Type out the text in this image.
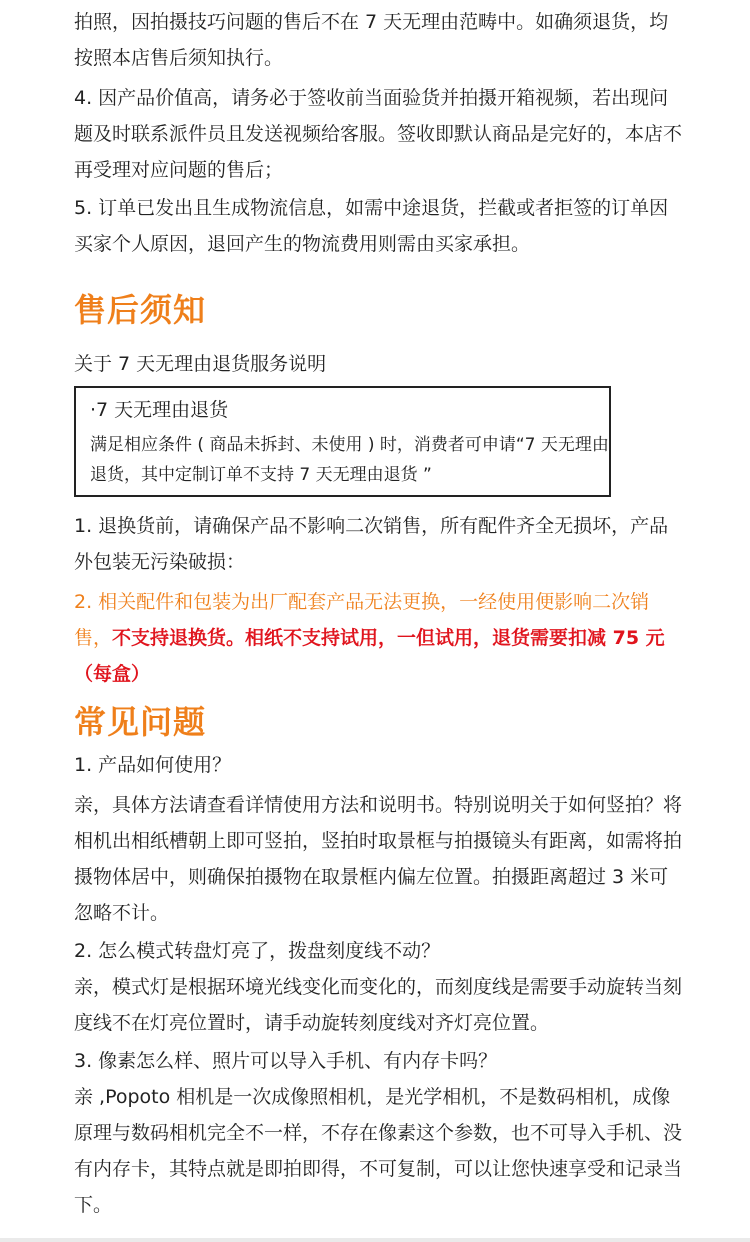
拍照，因拍摄技巧问题的售后不在 7 天无理由范畴中。如确须退货，均按照本店售后须知执行。

4. 因产品价值高，请务必于签收前当面验货并拍摄开箱视频，若出现问题及时联系派件员且发送视频给客服。签收即默认商品是完好的，本店不再受理对应问题的售后；

5. 订单已发出且生成物流信息，如需中途退货，拦截或者拒签的订单因买家个人原因，退回产生的物流费用则需由买家承担。

售后须知

关于 7 天无理由退货服务说明

·7 天无理由退货
满足相应条件 ( 商品未拆封、未使用 ) 时，消费者可申请“7 天无理由退货，其中定制订单不支持 7 天无理由退货 ”

1. 退换货前，请确保产品不影响二次销售，所有配件齐全无损坏，产品外包装无污染破损：

2. 相关配件和包装为出厂配套产品无法更换，一经使用便影响二次销售，不支持退换货。相纸不支持试用，一但试用，退货需要扣减 75 元（每盒）

常见问题

1. 产品如何使用？

亲，具体方法请查看详情使用方法和说明书。特别说明关于如何竖拍？将相机出相纸槽朝上即可竖拍，竖拍时取景框与拍摄镜头有距离，如需将拍摄物体居中，则确保拍摄物在取景框内偏左位置。拍摄距离超过 3 米可忽略不计。

2. 怎么模式转盘灯亮了，拨盘刻度线不动？

亲，模式灯是根据环境光线变化而变化的，而刻度线是需要手动旋转当刻度线不在灯亮位置时，请手动旋转刻度线对齐灯亮位置。

3. 像素怎么样、照片可以导入手机、有内存卡吗？

亲 ,Popoto 相机是一次成像照相机，是光学相机，不是数码相机，成像原理与数码相机完全不一样，不存在像素这个参数，也不可导入手机、没有内存卡，其特点就是即拍即得，不可复制，可以让您快速享受和记录当下。
